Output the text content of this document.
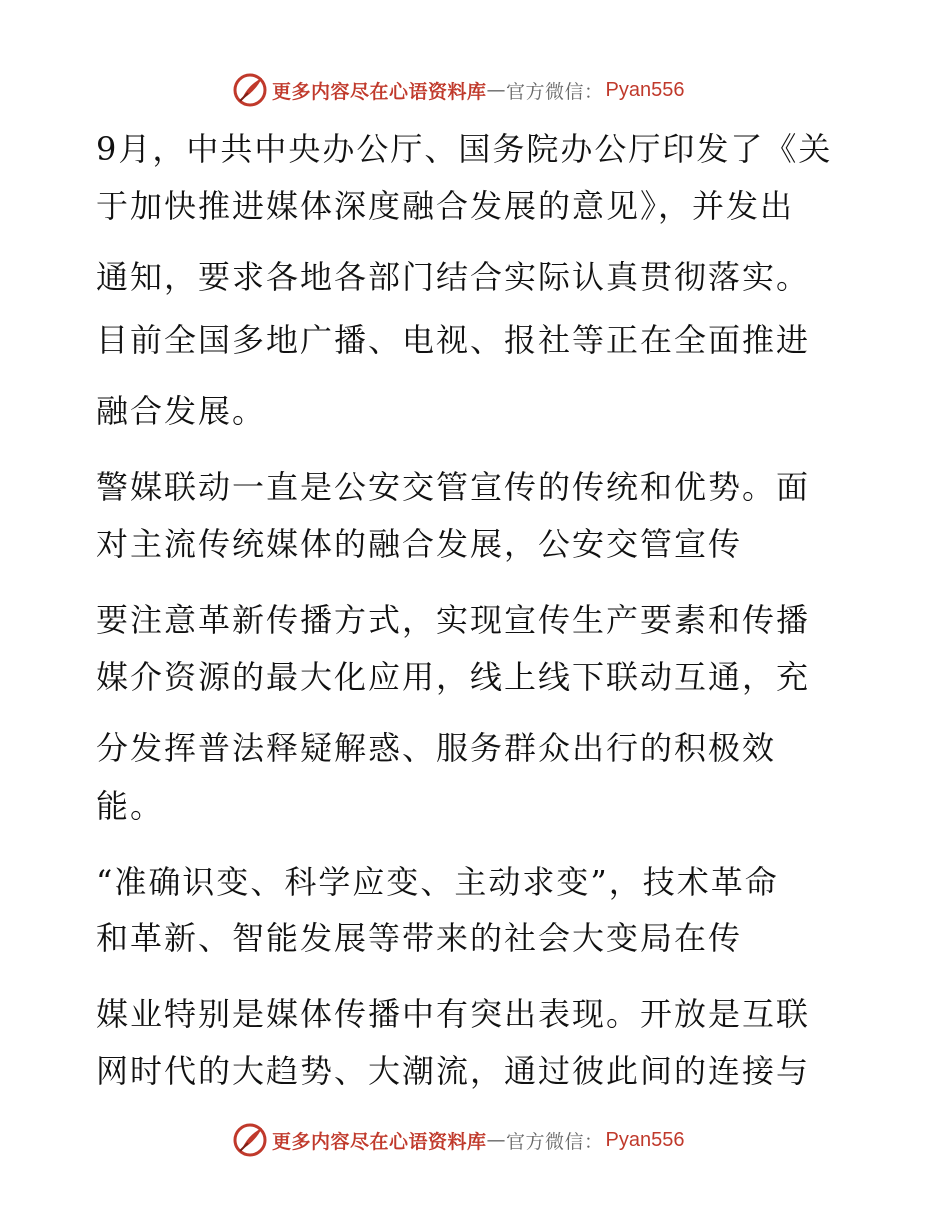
更多内容尽在心语资料库 — 官方微信： Pyan556
9月，中共中央办公厅、国务院办公厅印发了《关
于加快推进媒体深度融合发展的意见》，并发出
通知，要求各地各部门结合实际认真贯彻落实。
目前全国多地广播、电视、报社等正在全面推进
融合发展。
警媒联动一直是公安交管宣传的传统和优势。面
对主流传统媒体的融合发展，公安交管宣传
要注意革新传播方式，实现宣传生产要素和传播
媒介资源的最大化应用，线上线下联动互通，充
分发挥普法释疑解惑、服务群众出行的积极效
能。
“准确识变、科学应变、主动求变”，技术革命
和革新、智能发展等带来的社会大变局在传
媒业特别是媒体传播中有突出表现。开放是互联
网时代的大趋势、大潮流，通过彼此间的连接与
更多内容尽在心语资料库 — 官方微信： Pyan556
